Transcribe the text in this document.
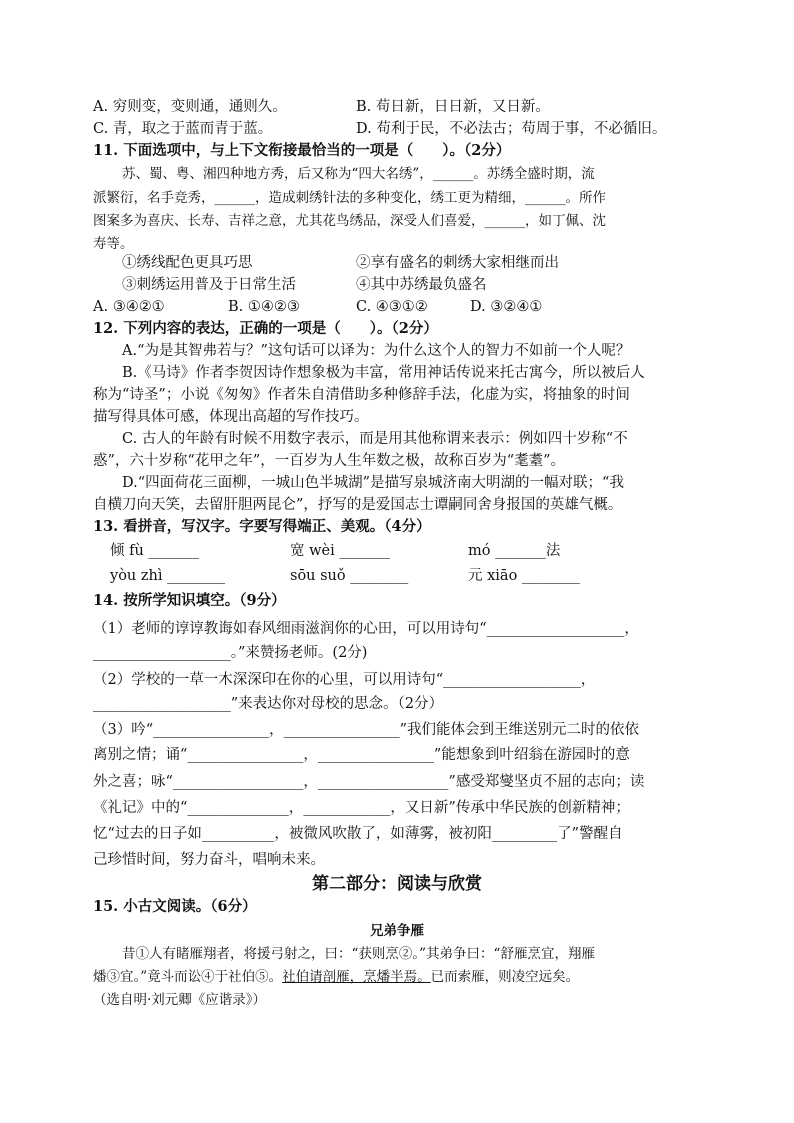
A. 穷则变，变则通，通则久。	B. 苟日新，日日新，又日新。
C. 青，取之于蓝而青于蓝。	D. 苟利于民，不必法古；苟周于事，不必循旧。
11. 下面选项中，与上下文衔接最恰当的一项是（　　）。（2分）
苏、蜀、粤、湘四种地方秀，后又称为“四大名绣”，______。苏绣全盛时期，流
派繁衍，名手竞秀，______，造成刺绣针法的多种变化，绣工更为精细，______。所作
图案多为喜庆、长寿、吉祥之意，尤其花鸟绣品，深受人们喜爱，______，如丁佩、沈
寿等。
①绣线配色更具巧思	②享有盛名的刺绣大家相继而出
③刺绣运用普及于日常生活	④其中苏绣最负盛名
A. ③④②①	B. ①④②③	C. ④③①②	D. ③②④①
12. 下列内容的表达，正确的一项是（　　）。（2分）
A.“为是其智弗若与？”这句话可以译为：为什么这个人的智力不如前一个人呢？
B.《马诗》作者李贺因诗作想象极为丰富，常用神话传说来托古寓今，所以被后人
称为“诗圣”；小说《匆匆》作者朱自清借助多种修辞手法，化虚为实，将抽象的时间
描写得具体可感，体现出高超的写作技巧。
C. 古人的年龄有时候不用数字表示，而是用其他称谓来表示：例如四十岁称“不
惑”，六十岁称“花甲之年”，一百岁为人生年数之极，故称百岁为“耄耋”。
D.“四面荷花三面柳，一城山色半城湖”是描写泉城济南大明湖的一幅对联；“我
自横刀向天笑，去留肝胆两昆仑”，抒写的是爱国志士谭嗣同舍身报国的英雄气概。
13. 看拼音，写汉字。字要写得端正、美观。（4分）
倾 fù _______	宽 wèi _______	mó _______法
yòu zhì ________	sōu suǒ ________	元 xiāo ________
14. 按所学知识填空。（9分）
（1）老师的谆谆教诲如春风细雨滋润你的心田，可以用诗句“___________________，
___________________。”来赞扬老师。(2分)
（2）学校的一草一木深深印在你的心里，可以用诗句“___________________，
___________________”来表达你对母校的思念。（2分）
（3）吟“________________，________________”我们能体会到王维送别元二时的依依
离别之情；诵“________________，________________”能想象到叶绍翁在游园时的意
外之喜；咏“__________________，__________________”感受郑燮坚贞不屈的志向；读
《礼记》中的“______________，____________，又日新”传承中华民族的创新精神；
忆“过去的日子如__________，被微风吹散了，如薄雾，被初阳_________了”警醒自
己珍惜时间，努力奋斗，唱响未来。
第二部分：阅读与欣赏
15. 小古文阅读。（6分）
兄弟争雁
昔①人有睹雁翔者，将援弓射之，曰：“获则烹②。”其弟争曰：“舒雁烹宜，翔雁
燔③宜。”竟斗而讼④于社伯⑤。社伯请剖雁，烹燔半焉。已而索雁，则凌空远矣。
（选自明·刘元卿《应谐录》）
